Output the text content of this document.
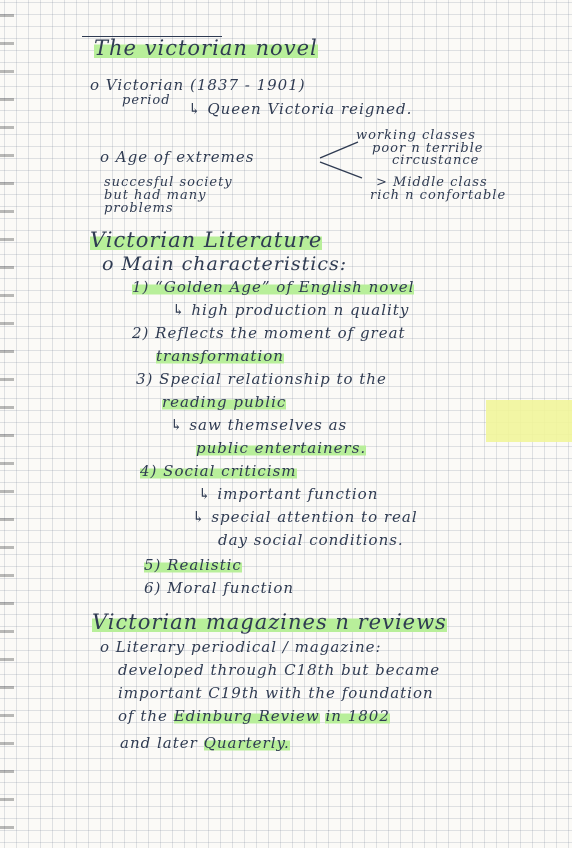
The victorian novel
o Victorian (1837 - 1901)
period ↳ Queen Victoria reigned.
o Age of extremes
working classes
poor n terrible
circustance
> Middle class
rich n confortable
succesful society
but had many
problems
Victorian Literature
o Main characteristics:
1) “Golden Age” of English novel
↳ high production n quality
2) Reflects the moment of great
transformation
3) Special relationship to the
reading public
↳ saw themselves as
public entertainers.
4) Social criticism
↳ important function
↳ special attention to real
day social conditions.
5) Realistic
6) Moral function
Victorian magazines n reviews
o Literary periodical / magazine:
developed through C18th but became
important C19th with the foundation
of the Edinburg Review in 1802
and later Quarterly.
